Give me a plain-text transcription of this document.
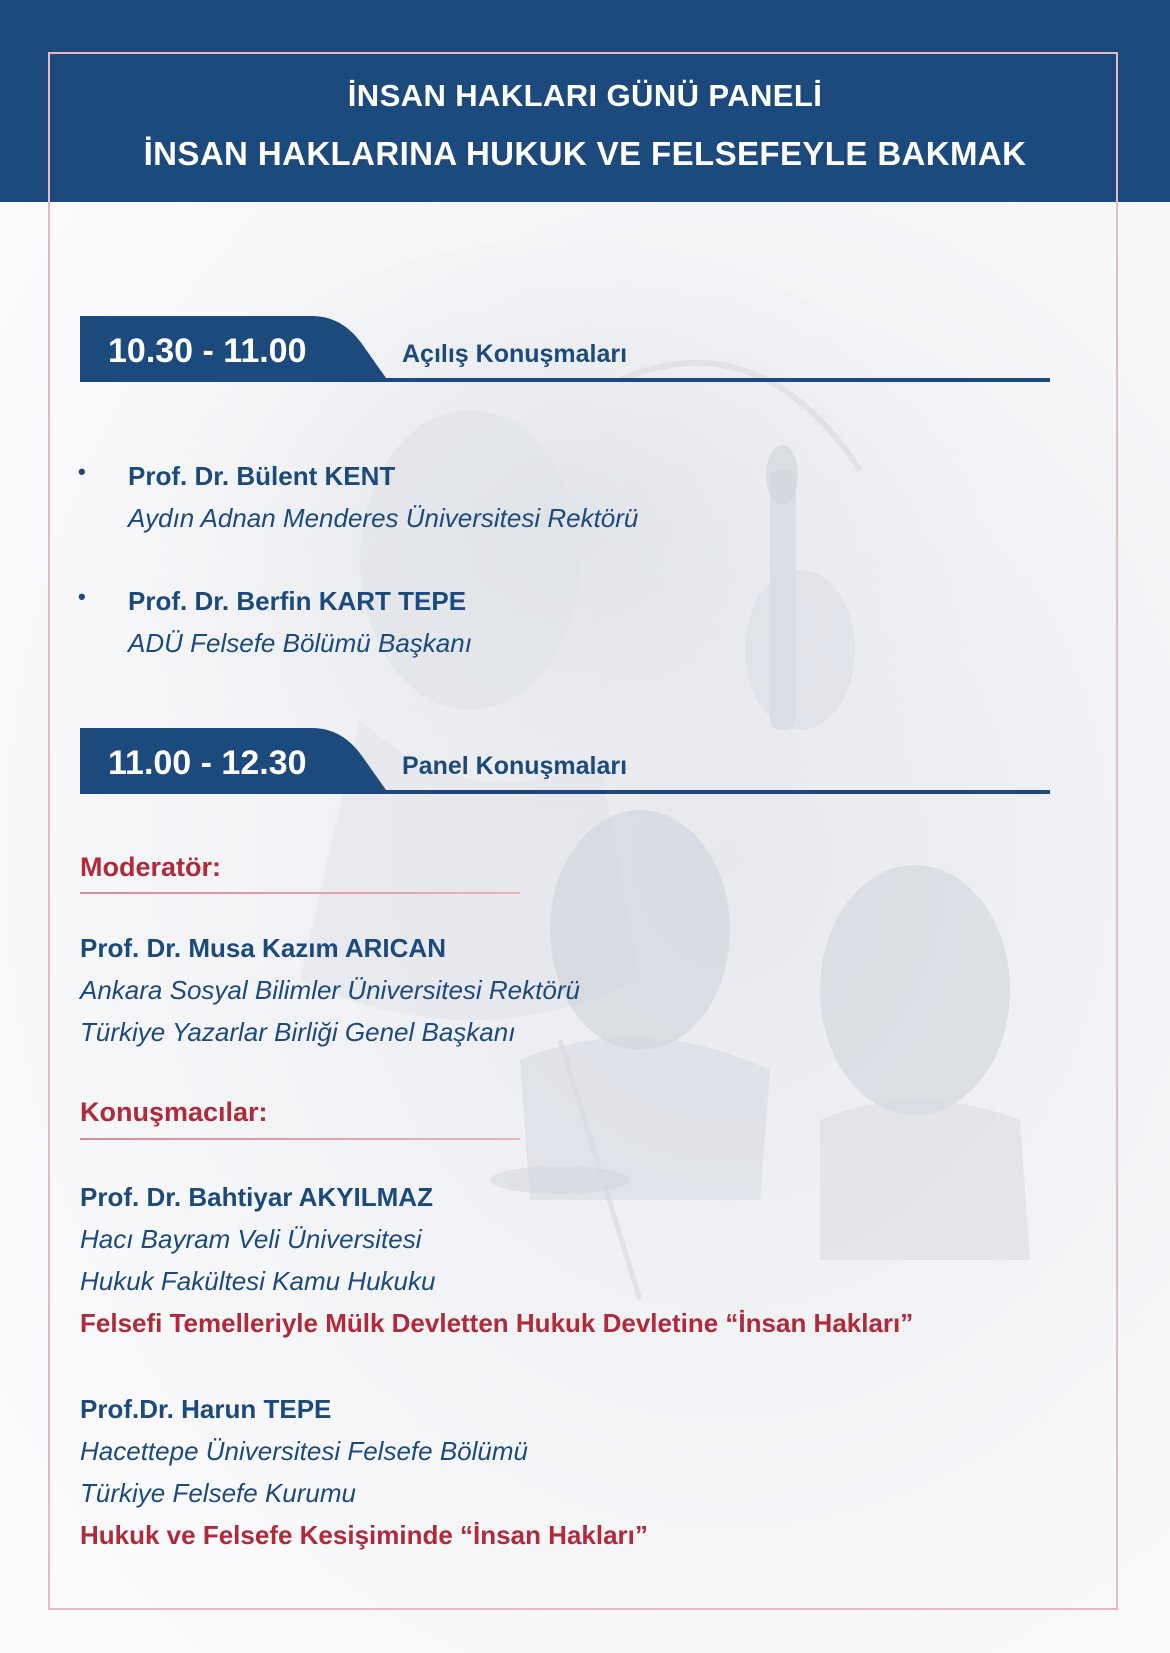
İNSAN HAKLARI GÜNÜ PANELİ
İNSAN HAKLARINA HUKUK VE FELSEFEYLE BAKMAK
10.30 - 11.00	Açılış Konuşmaları
• Prof. Dr. Bülent KENT
Aydın Adnan Menderes Üniversitesi Rektörü
• Prof. Dr. Berfin KART TEPE
ADÜ Felsefe Bölümü Başkanı
11.00 - 12.30	Panel Konuşmaları
Moderatör:
Prof. Dr. Musa Kazım ARICAN
Ankara Sosyal Bilimler Üniversitesi Rektörü
Türkiye Yazarlar Birliği Genel Başkanı
Konuşmacılar:
Prof. Dr. Bahtiyar AKYILMAZ
Hacı Bayram Veli Üniversitesi
Hukuk Fakültesi Kamu Hukuku
Felsefi Temelleriyle Mülk Devletten Hukuk Devletine “İnsan Hakları”
Prof.Dr. Harun TEPE
Hacettepe Üniversitesi Felsefe Bölümü
Türkiye Felsefe Kurumu
Hukuk ve Felsefe Kesişiminde “İnsan Hakları”
